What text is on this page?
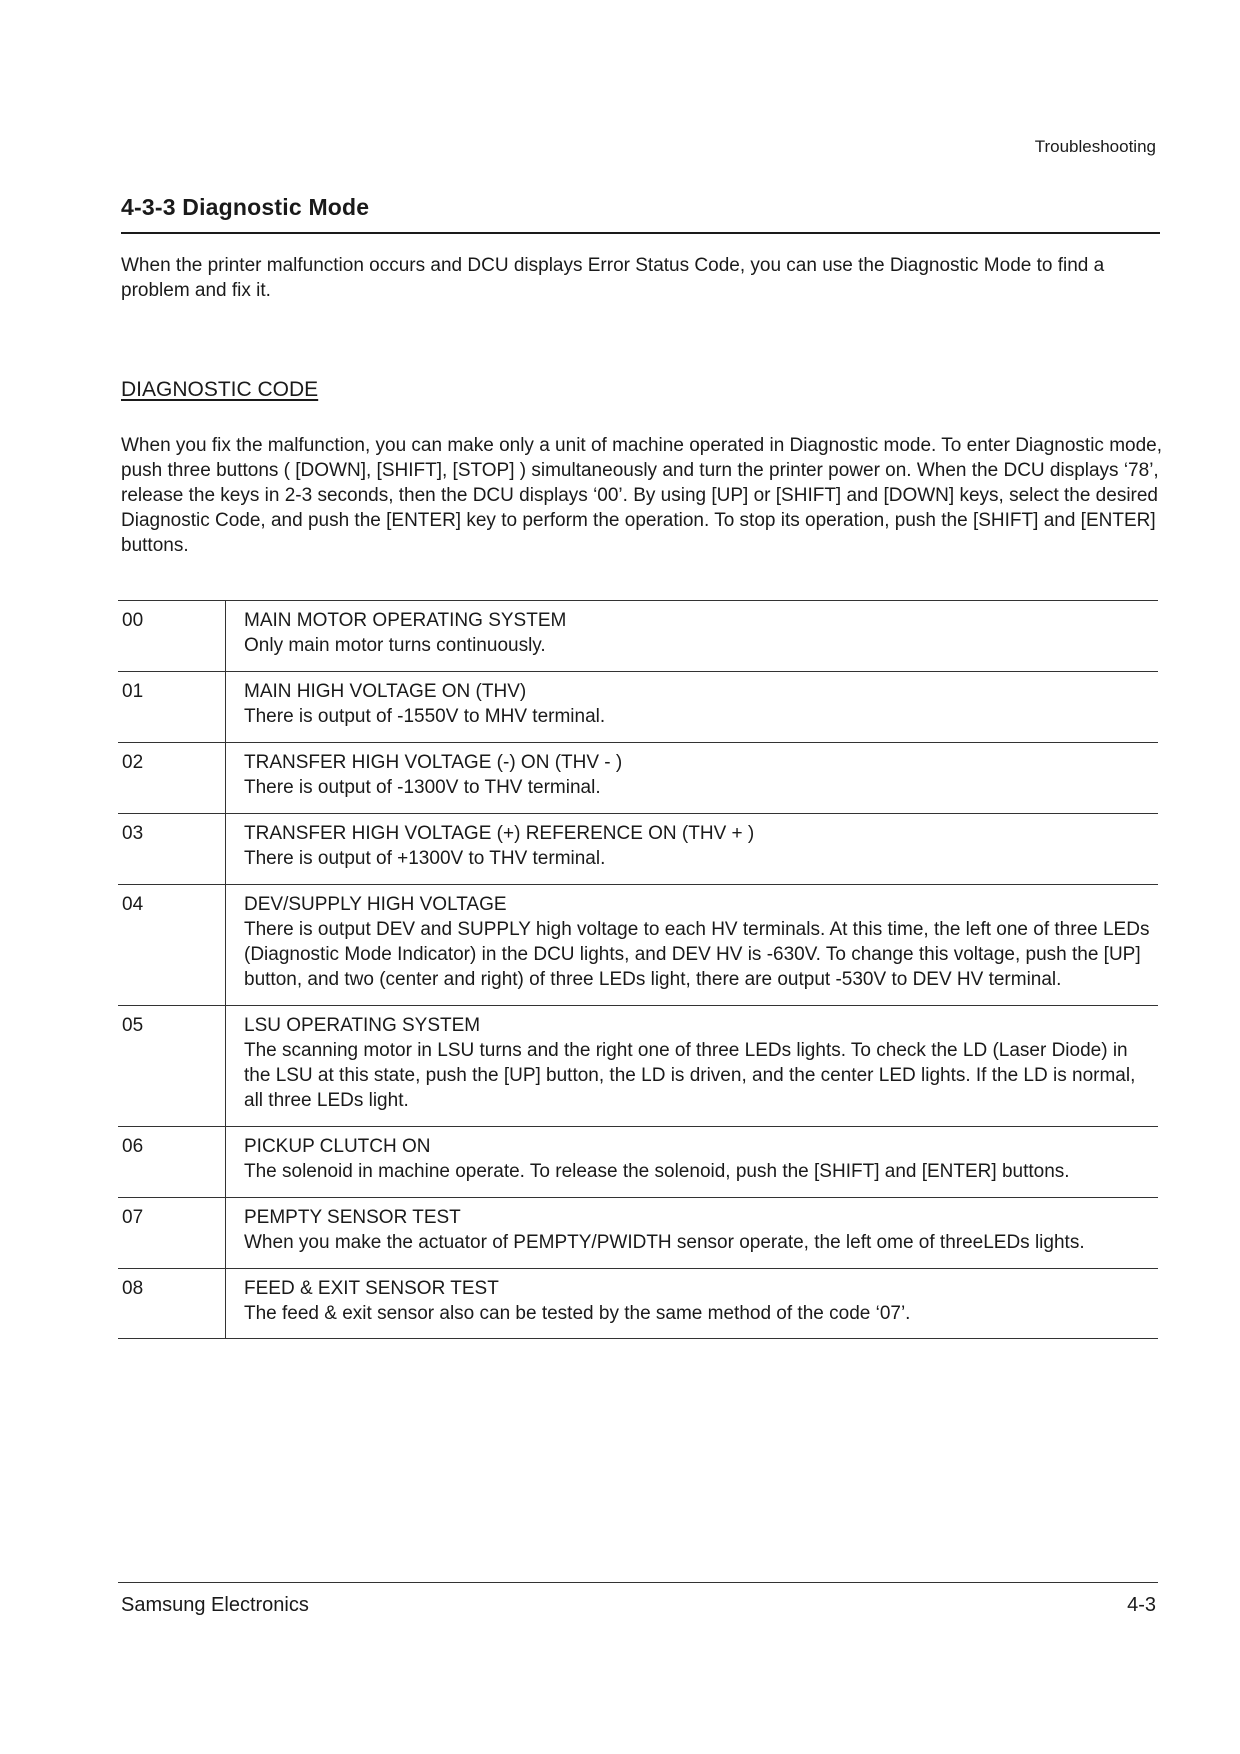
Troubleshooting
4-3-3 Diagnostic Mode

When the printer malfunction occurs and DCU displays Error Status Code, you can use the Diagnostic Mode to find a problem and fix it.

DIAGNOSTIC CODE

When you fix the malfunction, you can make only a unit of machine operated in Diagnostic mode. To enter Diagnostic mode, push three buttons ( [DOWN], [SHIFT], [STOP] ) simultaneously and turn the printer power on. When the DCU displays ‘78’, release the keys in 2-3 seconds, then the DCU displays ‘00’. By using [UP] or [SHIFT] and [DOWN] keys, select the desired Diagnostic Code, and push the [ENTER] key to perform the operation. To stop its operation, push the [SHIFT] and [ENTER] buttons.

00	MAIN MOTOR OPERATING SYSTEM
Only main motor turns continuously.

01	MAIN HIGH VOLTAGE ON (THV)
There is output of -1550V to MHV terminal.

02	TRANSFER HIGH VOLTAGE (-) ON (THV - )
There is output of -1300V to THV terminal.

03	TRANSFER HIGH VOLTAGE (+) REFERENCE ON (THV + )
There is output of +1300V to THV terminal.

04	DEV/SUPPLY HIGH VOLTAGE
There is output DEV and SUPPLY high voltage to each HV terminals. At this time, the left one of three LEDs (Diagnostic Mode Indicator) in the DCU lights, and DEV HV is -630V. To change this voltage, push the [UP] button, and two (center and right) of three LEDs light, there are output -530V to DEV HV terminal.

05	LSU OPERATING SYSTEM
The scanning motor in LSU turns and the right one of three LEDs lights. To check the LD (Laser Diode) in the LSU at this state, push the [UP] button, the LD is driven, and the center LED lights. If the LD is normal, all three LEDs light.

06	PICKUP CLUTCH ON
The solenoid in machine operate. To release the solenoid, push the [SHIFT] and [ENTER] buttons.

07	PEMPTY SENSOR TEST
When you make the actuator of PEMPTY/PWIDTH sensor operate, the left ome of threeLEDs lights.

08	FEED & EXIT SENSOR TEST
The feed & exit sensor also can be tested by the same method of the code ‘07’.
Samsung Electronics	4-3
